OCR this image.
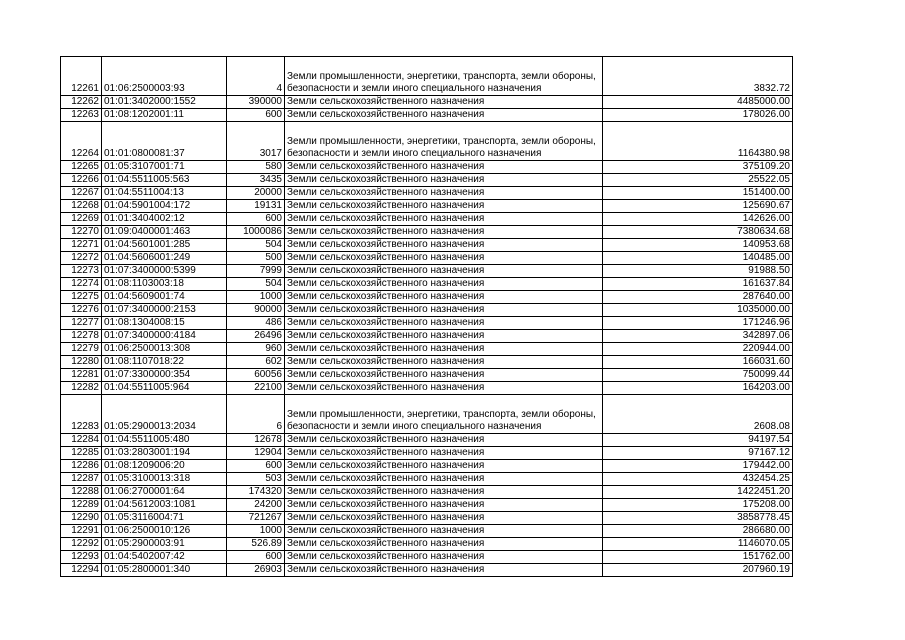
12261	01:06:2500003:93	4	Земли промышленности, энергетики, транспорта, земли обороны, безопасности и земли иного специального назначения	3832.72
12262	01:01:3402000:1552	390000	Земли сельскохозяйственного назначения	4485000.00
12263	01:08:1202001:11	600	Земли сельскохозяйственного назначения	178026.00
12264	01:01:0800081:37	3017	Земли промышленности, энергетики, транспорта, земли обороны, безопасности и земли иного специального назначения	1164380.98
12265	01:05:3107001:71	580	Земли сельскохозяйственного назначения	375109.20
12266	01:04:5511005:563	3435	Земли сельскохозяйственного назначения	25522.05
12267	01:04:5511004:13	20000	Земли сельскохозяйственного назначения	151400.00
12268	01:04:5901004:172	19131	Земли сельскохозяйственного назначения	125690.67
12269	01:01:3404002:12	600	Земли сельскохозяйственного назначения	142626.00
12270	01:09:0400001:463	1000086	Земли сельскохозяйственного назначения	7380634.68
12271	01:04:5601001:285	504	Земли сельскохозяйственного назначения	140953.68
12272	01:04:5606001:249	500	Земли сельскохозяйственного назначения	140485.00
12273	01:07:3400000:5399	7999	Земли сельскохозяйственного назначения	91988.50
12274	01:08:1103003:18	504	Земли сельскохозяйственного назначения	161637.84
12275	01:04:5609001:74	1000	Земли сельскохозяйственного назначения	287640.00
12276	01:07:3400000:2153	90000	Земли сельскохозяйственного назначения	1035000.00
12277	01:08:1304008:15	486	Земли сельскохозяйственного назначения	171246.96
12278	01:07:3400000:4184	26496	Земли сельскохозяйственного назначения	342897.06
12279	01:06:2500013:308	960	Земли сельскохозяйственного назначения	220944.00
12280	01:08:1107018:22	602	Земли сельскохозяйственного назначения	166031.60
12281	01:07:3300000:354	60056	Земли сельскохозяйственного назначения	750099.44
12282	01:04:5511005:964	22100	Земли сельскохозяйственного назначения	164203.00
12283	01:05:2900013:2034	6	Земли промышленности, энергетики, транспорта, земли обороны, безопасности и земли иного специального назначения	2608.08
12284	01:04:5511005:480	12678	Земли сельскохозяйственного назначения	94197.54
12285	01:03:2803001:194	12904	Земли сельскохозяйственного назначения	97167.12
12286	01:08:1209006:20	600	Земли сельскохозяйственного назначения	179442.00
12287	01:05:3100013:318	503	Земли сельскохозяйственного назначения	432454.25
12288	01:06:2700001:64	174320	Земли сельскохозяйственного назначения	1422451.20
12289	01:04:5612003:1081	24200	Земли сельскохозяйственного назначения	175208.00
12290	01:05:3116004:71	721267	Земли сельскохозяйственного назначения	3858778.45
12291	01:06:2500010:126	1000	Земли сельскохозяйственного назначения	286680.00
12292	01:05:2900003:91	526.89	Земли сельскохозяйственного назначения	1146070.05
12293	01:04:5402007:42	600	Земли сельскохозяйственного назначения	151762.00
12294	01:05:2800001:340	26903	Земли сельскохозяйственного назначения	207960.19
